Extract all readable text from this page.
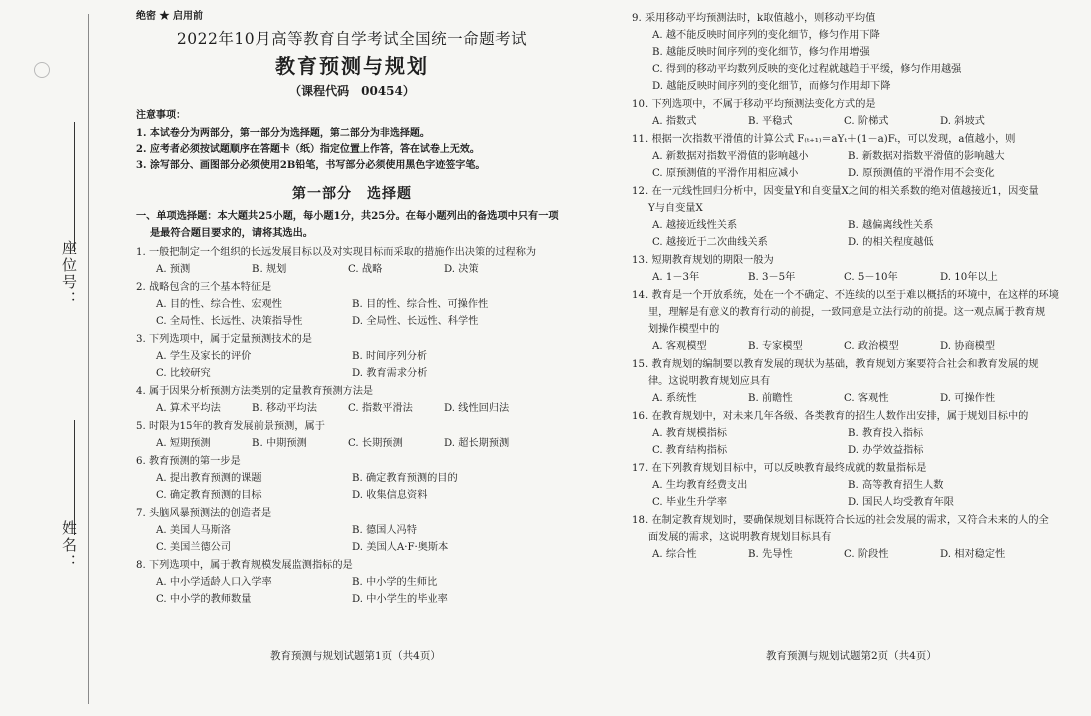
座位号：
姓名：
绝密 ★ 启用前
2022年10月高等教育自学考试全国统一命题考试
教育预测与规划
（课程代码　00454）
注意事项：
1. 本试卷分为两部分，第一部分为选择题，第二部分为非选择题。
2. 应考者必须按试题顺序在答题卡（纸）指定位置上作答，答在试卷上无效。
3. 涂写部分、画图部分必须使用2B铅笔，书写部分必须使用黑色字迹签字笔。
第一部分　选择题
一、单项选择题：本大题共25小题，每小题1分，共25分。在每小题列出的备选项中只有一项
是最符合题目要求的，请将其选出。
1. 一般把制定一个组织的长远发展目标以及对实现目标而采取的措施作出决策的过程称为
A. 预测	B. 规划	C. 战略	D. 决策
2. 战略包含的三个基本特征是
A. 目的性、综合性、宏观性	B. 目的性、综合性、可操作性
C. 全局性、长远性、决策指导性	D. 全局性、长远性、科学性
3. 下列选项中，属于定量预测技术的是
A. 学生及家长的评价	B. 时间序列分析
C. 比较研究	D. 教育需求分析
4. 属于因果分析预测方法类别的定量教育预测方法是
A. 算术平均法	B. 移动平均法	C. 指数平滑法	D. 线性回归法
5. 时限为15年的教育发展前景预测，属于
A. 短期预测	B. 中期预测	C. 长期预测	D. 超长期预测
6. 教育预测的第一步是
A. 提出教育预测的课题	B. 确定教育预测的目的
C. 确定教育预测的目标	D. 收集信息资料
7. 头脑风暴预测法的创造者是
A. 美国人马斯洛	B. 德国人冯特
C. 美国兰德公司	D. 美国人A·F·奥斯本
8. 下列选项中，属于教育规模发展监测指标的是
A. 中小学适龄人口入学率	B. 中小学的生师比
C. 中小学的教师数量	D. 中小学生的毕业率
9. 采用移动平均预测法时，k取值越小，则移动平均值
A. 越不能反映时间序列的变化细节，修匀作用下降
B. 越能反映时间序列的变化细节，修匀作用增强
C. 得到的移动平均数列反映的变化过程就越趋于平缓，修匀作用越强
D. 越能反映时间序列的变化细节，而修匀作用却下降
10. 下列选项中，不属于移动平均预测法变化方式的是
A. 指数式	B. 平稳式	C. 阶梯式	D. 斜坡式
11. 根据一次指数平滑值的计算公式 F₍ₜ₊₁₎＝aYₜ＋(1－a)Fₜ，可以发现，a值越小，则
A. 新数据对指数平滑值的影响越小	B. 新数据对指数平滑值的影响越大
C. 原预测值的平滑作用相应减小	D. 原预测值的平滑作用不会变化
12. 在一元线性回归分析中，因变量Y和自变量X之间的相关系数的绝对值越接近1，因变量
Y与自变量X
A. 越接近线性关系	B. 越偏离线性关系
C. 越接近于二次曲线关系	D. 的相关程度越低
13. 短期教育规划的期限一般为
A. 1－3年	B. 3－5年	C. 5－10年	D. 10年以上
14. 教育是一个开放系统，处在一个不确定、不连续的以至于难以概括的环境中，在这样的环境
里，理解是有意义的教育行动的前提，一致同意是立法行动的前提。这一观点属于教育规
划操作模型中的
A. 客观模型	B. 专家模型	C. 政治模型	D. 协商模型
15. 教育规划的编制要以教育发展的现状为基础，教育规划方案要符合社会和教育发展的规
律。这说明教育规划应具有
A. 系统性	B. 前瞻性	C. 客观性	D. 可操作性
16. 在教育规划中，对未来几年各级、各类教育的招生人数作出安排，属于规划目标中的
A. 教育规模指标	B. 教育投入指标
C. 教育结构指标	D. 办学效益指标
17. 在下列教育规划目标中，可以反映教育最终成就的数量指标是
A. 生均教育经费支出	B. 高等教育招生人数
C. 毕业生升学率	D. 国民人均受教育年限
18. 在制定教育规划时，要确保规划目标既符合长远的社会发展的需求，又符合未来的人的全
面发展的需求，这说明教育规划目标具有
A. 综合性	B. 先导性	C. 阶段性	D. 相对稳定性
教育预测与规划试题第1页（共4页）	教育预测与规划试题第2页（共4页）
